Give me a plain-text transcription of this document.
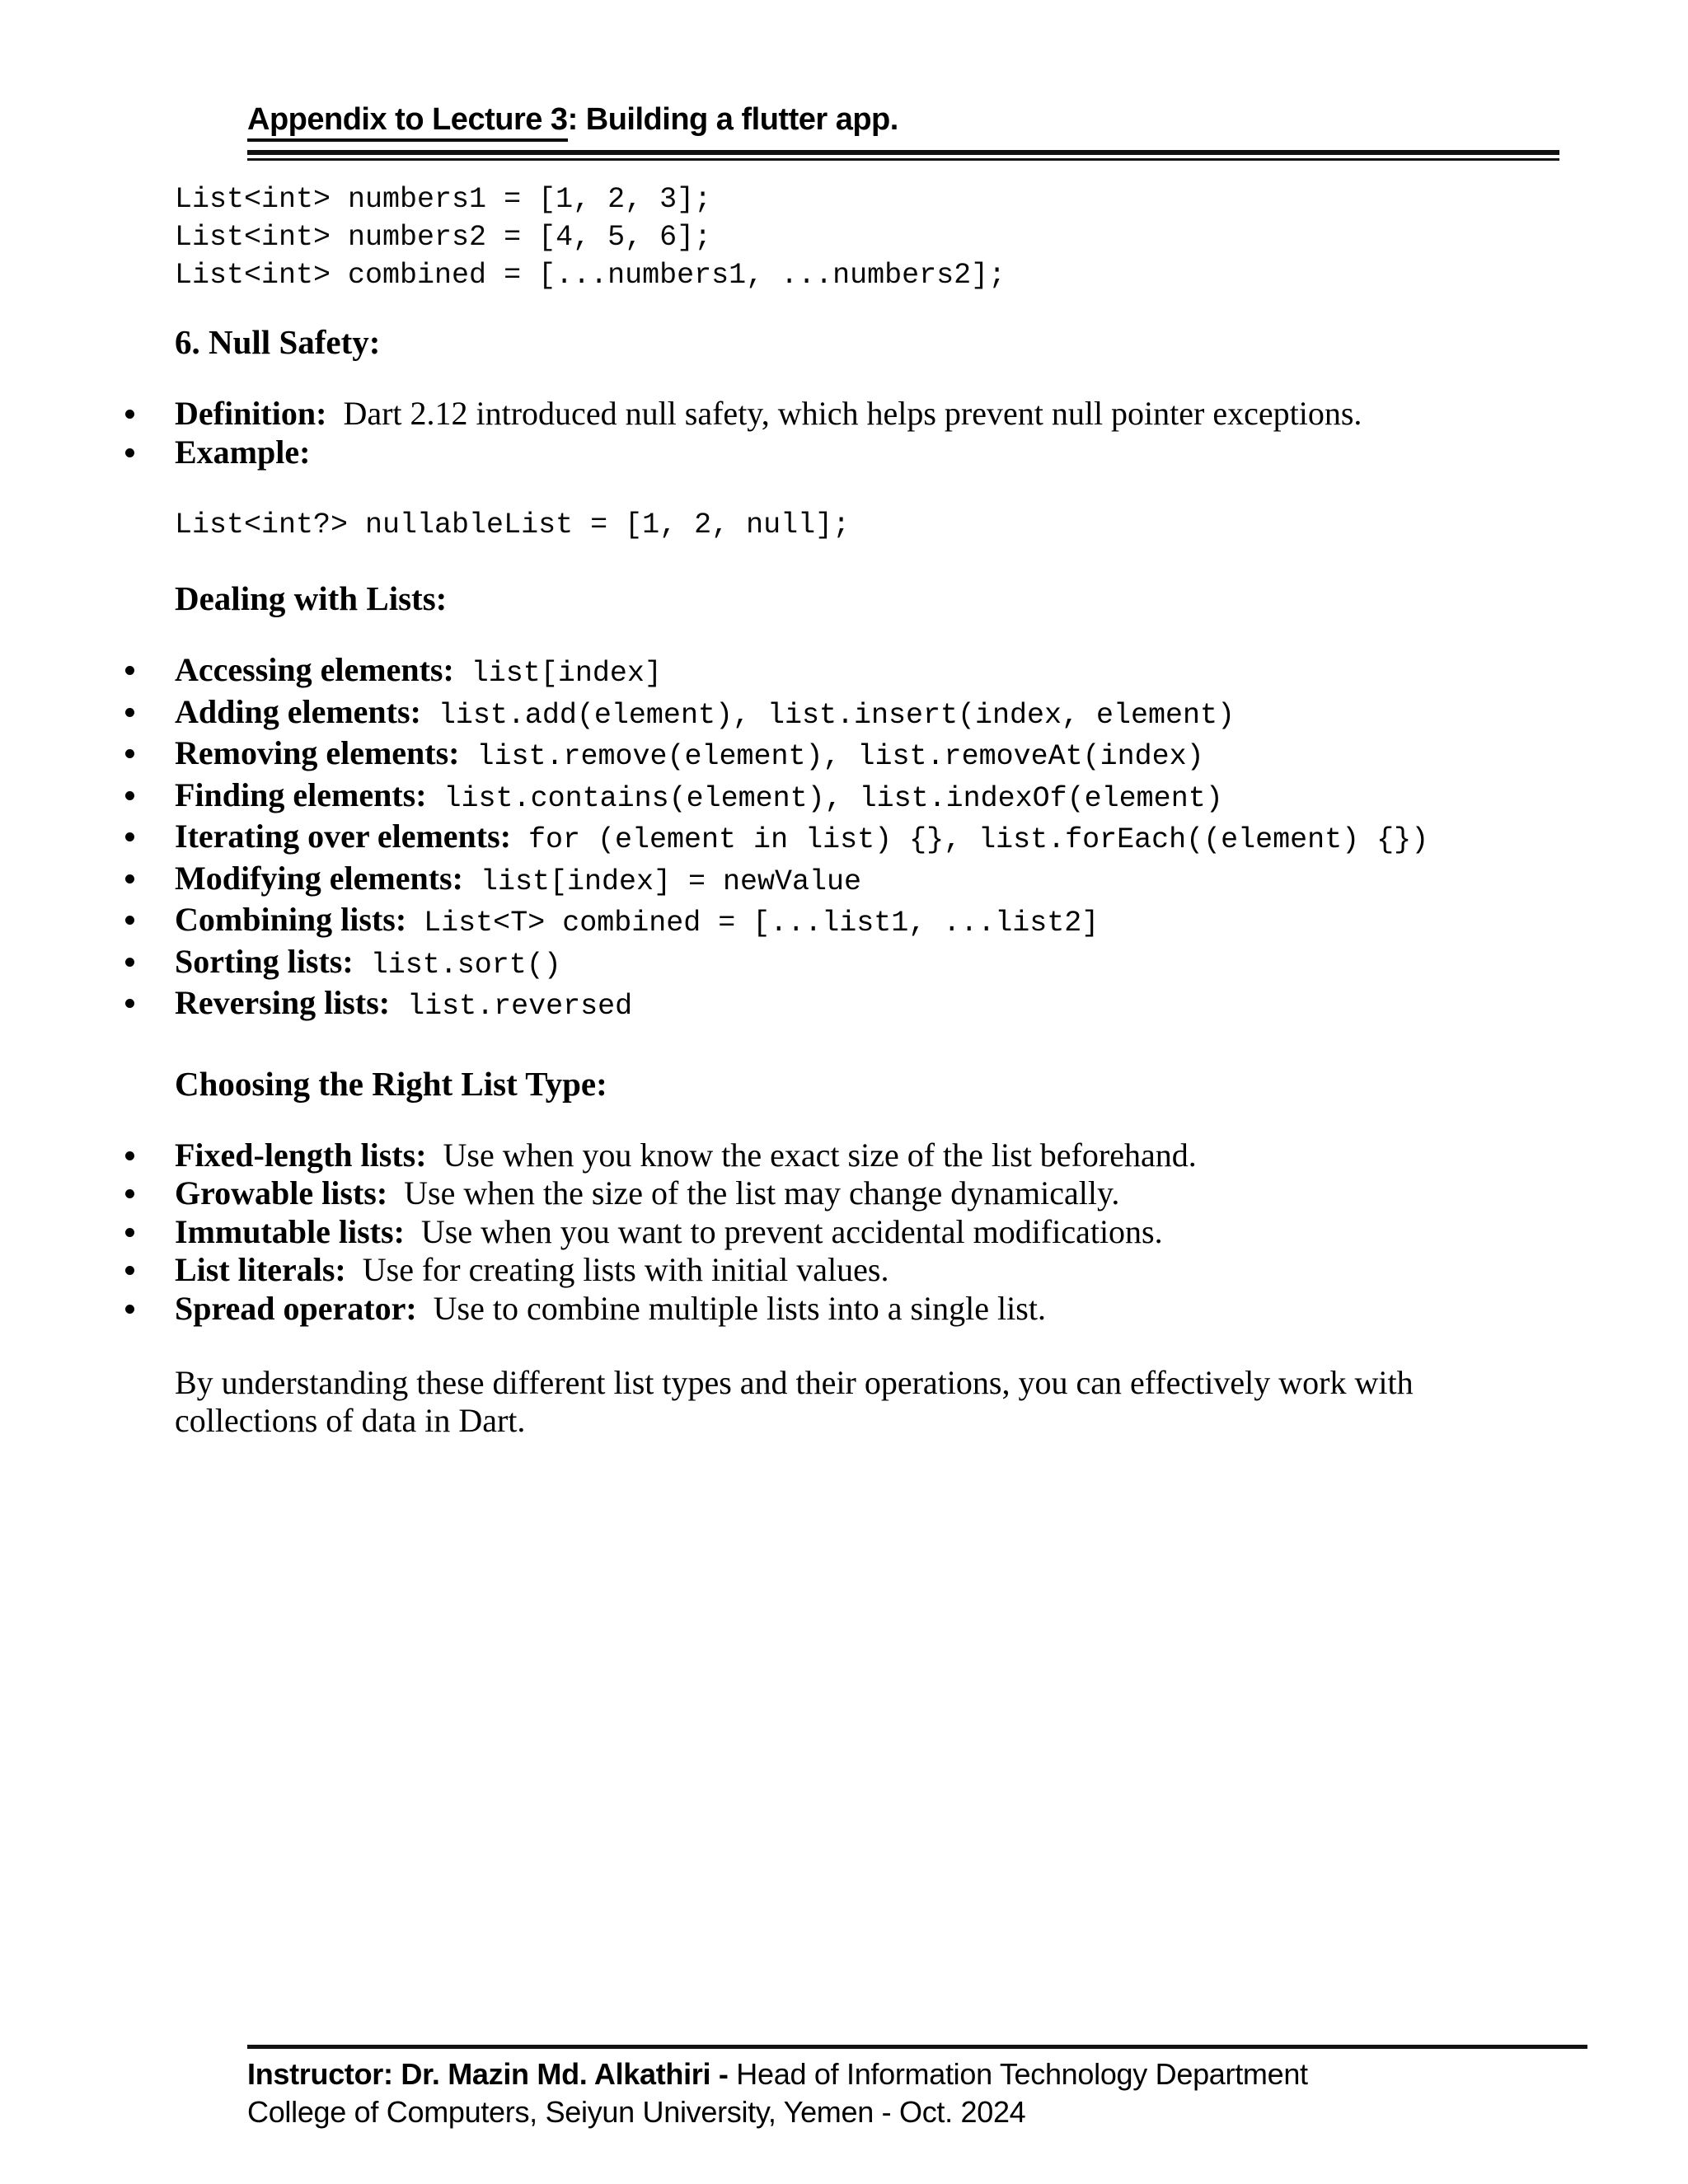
Appendix to Lecture 3: Building a flutter app.
List<int> numbers1 = [1, 2, 3];
List<int> numbers2 = [4, 5, 6];
List<int> combined = [...numbers1, ...numbers2];
6. Null Safety:
Definition: Dart 2.12 introduced null safety, which helps prevent null pointer exceptions.
Example:
List<int?> nullableList = [1, 2, null];
Dealing with Lists:
Accessing elements: list[index]
Adding elements: list.add(element), list.insert(index, element)
Removing elements: list.remove(element), list.removeAt(index)
Finding elements: list.contains(element), list.indexOf(element)
Iterating over elements: for (element in list) {}, list.forEach((element) {})
Modifying elements: list[index] = newValue
Combining lists: List<T> combined = [...list1, ...list2]
Sorting lists: list.sort()
Reversing lists: list.reversed
Choosing the Right List Type:
Fixed-length lists: Use when you know the exact size of the list beforehand.
Growable lists: Use when the size of the list may change dynamically.
Immutable lists: Use when you want to prevent accidental modifications.
List literals: Use for creating lists with initial values.
Spread operator: Use to combine multiple lists into a single list.
By understanding these different list types and their operations, you can effectively work with collections of data in Dart.
Instructor: Dr. Mazin Md. Alkathiri - Head of Information Technology Department
College of Computers, Seiyun University, Yemen - Oct. 2024
